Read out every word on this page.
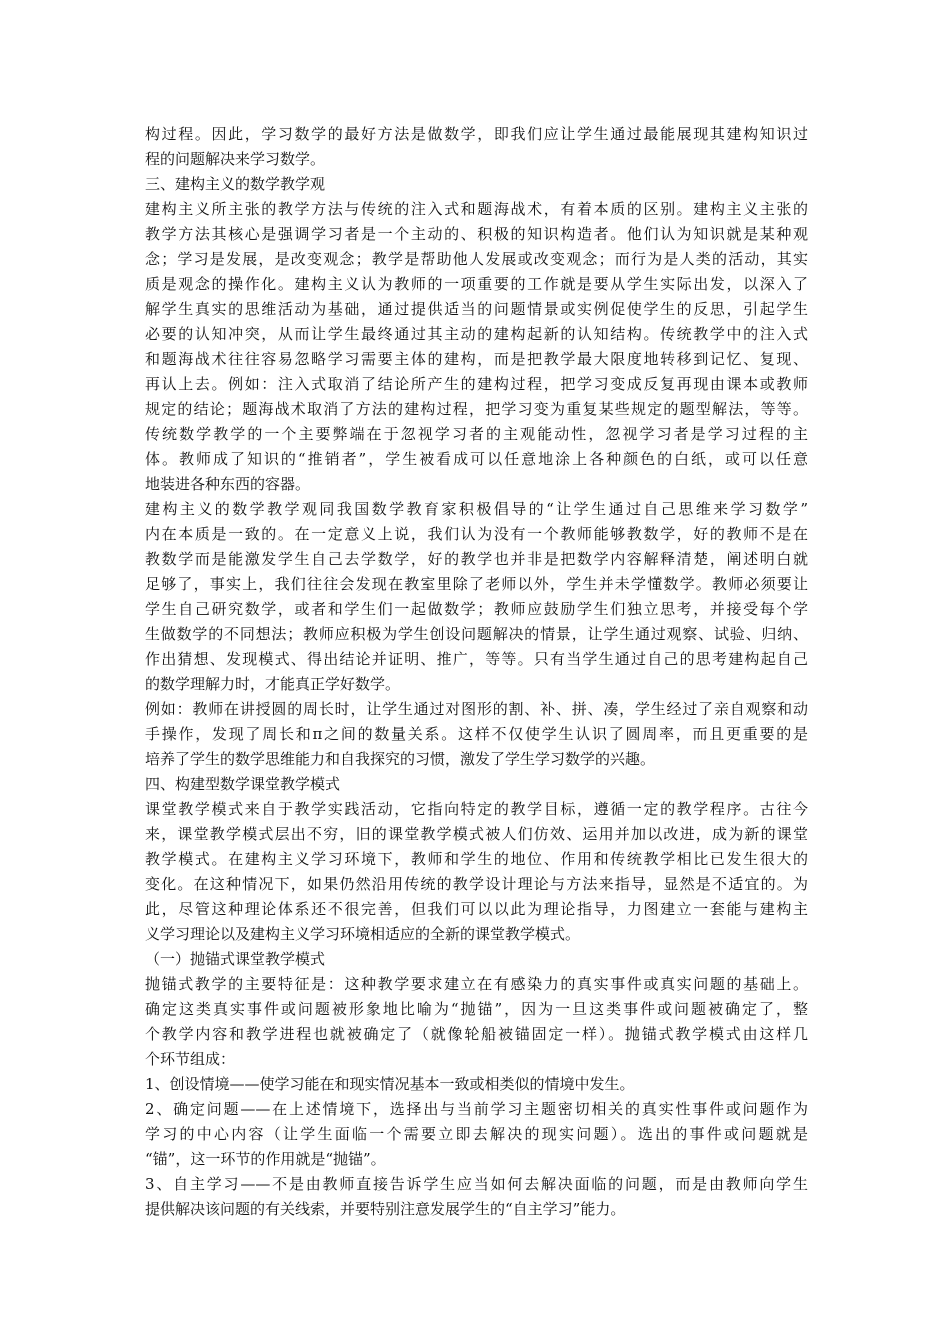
构过程。因此，学习数学的最好方法是做数学，即我们应让学生通过最能展现其建构知识过
程的问题解决来学习数学。
三、建构主义的数学教学观
建构主义所主张的教学方法与传统的注入式和题海战术，有着本质的区别。建构主义主张的
教学方法其核心是强调学习者是一个主动的、积极的知识构造者。他们认为知识就是某种观
念；学习是发展，是改变观念；教学是帮助他人发展或改变观念；而行为是人类的活动，其实
质是观念的操作化。建构主义认为教师的一项重要的工作就是要从学生实际出发，以深入了
解学生真实的思维活动为基础，通过提供适当的问题情景或实例促使学生的反思，引起学生
必要的认知冲突，从而让学生最终通过其主动的建构起新的认知结构。传统教学中的注入式
和题海战术往往容易忽略学习需要主体的建构，而是把教学最大限度地转移到记忆、复现、
再认上去。例如：注入式取消了结论所产生的建构过程，把学习变成反复再现由课本或教师
规定的结论；题海战术取消了方法的建构过程，把学习变为重复某些规定的题型解法，等等。
传统数学教学的一个主要弊端在于忽视学习者的主观能动性，忽视学习者是学习过程的主
体。教师成了知识的“推销者”，学生被看成可以任意地涂上各种颜色的白纸，或可以任意
地装进各种东西的容器。
建构主义的数学教学观同我国数学教育家积极倡导的“让学生通过自己思维来学习数学”
内在本质是一致的。在一定意义上说，我们认为没有一个教师能够教数学，好的教师不是在
教数学而是能激发学生自己去学数学，好的教学也并非是把数学内容解释清楚，阐述明白就
足够了，事实上，我们往往会发现在教室里除了老师以外，学生并未学懂数学。教师必须要让
学生自己研究数学，或者和学生们一起做数学；教师应鼓励学生们独立思考，并接受每个学
生做数学的不同想法；教师应积极为学生创设问题解决的情景，让学生通过观察、试验、归纳、
作出猜想、发现模式、得出结论并证明、推广，等等。只有当学生通过自己的思考建构起自己
的数学理解力时，才能真正学好数学。
例如：教师在讲授圆的周长时，让学生通过对图形的割、补、拼、凑，学生经过了亲自观察和动
手操作，发现了周长和π之间的数量关系。这样不仅使学生认识了圆周率，而且更重要的是
培养了学生的数学思维能力和自我探究的习惯，激发了学生学习数学的兴趣。
四、构建型数学课堂教学模式
课堂教学模式来自于教学实践活动，它指向特定的教学目标，遵循一定的教学程序。古往今
来，课堂教学模式层出不穷，旧的课堂教学模式被人们仿效、运用并加以改进，成为新的课堂
教学模式。在建构主义学习环境下，教师和学生的地位、作用和传统教学相比已发生很大的
变化。在这种情况下，如果仍然沿用传统的教学设计理论与方法来指导，显然是不适宜的。为
此，尽管这种理论体系还不很完善，但我们可以以此为理论指导，力图建立一套能与建构主
义学习理论以及建构主义学习环境相适应的全新的课堂教学模式。
（一）抛锚式课堂教学模式
抛锚式教学的主要特征是：这种教学要求建立在有感染力的真实事件或真实问题的基础上。
确定这类真实事件或问题被形象地比喻为“抛锚”，因为一旦这类事件或问题被确定了，整
个教学内容和教学进程也就被确定了（就像轮船被锚固定一样）。抛锚式教学模式由这样几
个环节组成：
1、创设情境——使学习能在和现实情况基本一致或相类似的情境中发生。
2、确定问题——在上述情境下，选择出与当前学习主题密切相关的真实性事件或问题作为
学习的中心内容（让学生面临一个需要立即去解决的现实问题）。选出的事件或问题就是
“锚”，这一环节的作用就是“抛锚”。
3、自主学习——不是由教师直接告诉学生应当如何去解决面临的问题，而是由教师向学生
提供解决该问题的有关线索，并要特别注意发展学生的“自主学习”能力。
